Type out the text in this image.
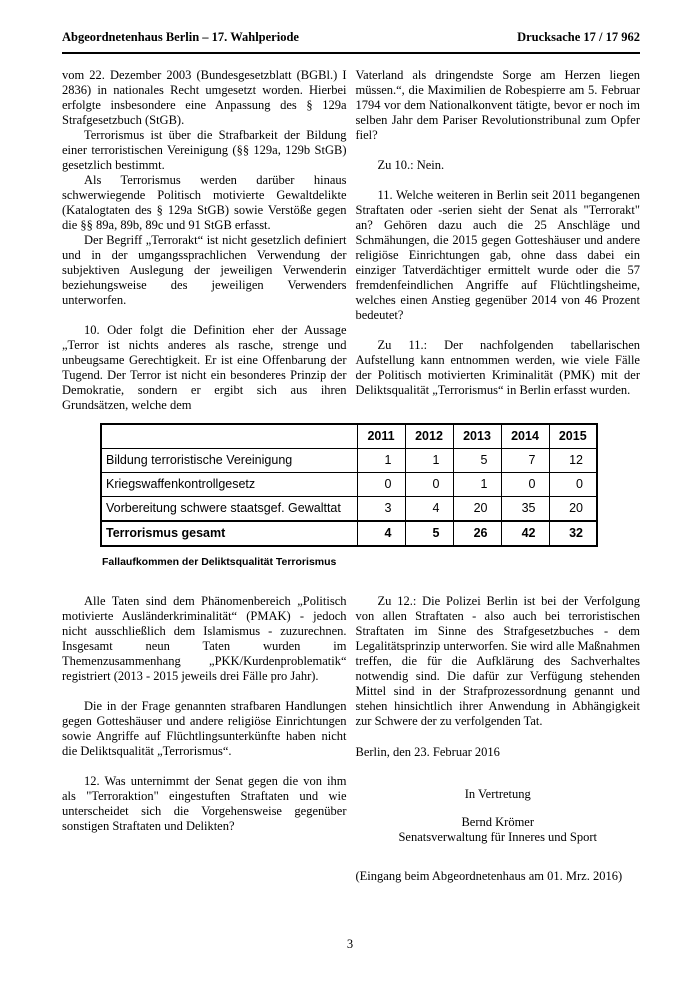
Abgeordnetenhaus Berlin – 17. Wahlperiode	Drucksache 17 / 17 962

vom 22. Dezember 2003 (Bundesgesetzblatt (BGBl.) I 2836) in nationales Recht umgesetzt worden. Hierbei erfolgte insbesondere eine Anpassung des § 129a Strafgesetzbuch (StGB).

Terrorismus ist über die Strafbarkeit der Bildung einer terroristischen Vereinigung (§§ 129a, 129b StGB) gesetzlich bestimmt.

Als Terrorismus werden darüber hinaus schwerwiegende Politisch motivierte Gewaltdelikte (Katalogtaten des § 129a StGB) sowie Verstöße gegen die §§ 89a, 89b, 89c und 91 StGB erfasst.

Der Begriff „Terrorakt“ ist nicht gesetzlich definiert und in der umgangssprachlichen Verwendung der subjektiven Auslegung der jeweiligen Verwenderin beziehungsweise des jeweiligen Verwenders unterworfen.

10. Oder folgt die Definition eher der Aussage „Terror ist nichts anderes als rasche, strenge und unbeugsame Gerechtigkeit. Er ist eine Offenbarung der Tugend. Der Terror ist nicht ein besonderes Prinzip der Demokratie, sondern er ergibt sich aus ihren Grundsätzen, welche dem

Vaterland als dringendste Sorge am Herzen liegen müssen.“, die Maximilien de Robespierre am 5. Februar 1794 vor dem Nationalkonvent tätigte, bevor er noch im selben Jahr dem Pariser Revolutionstribunal zum Opfer fiel?

Zu 10.: Nein.

11. Welche weiteren in Berlin seit 2011 begangenen Straftaten oder -serien sieht der Senat als "Terrorakt" an? Gehören dazu auch die 25 Anschläge und Schmähungen, die 2015 gegen Gotteshäuser und andere religiöse Einrichtungen gab, ohne dass dabei ein einziger Tatverdächtiger ermittelt wurde oder die 57 fremdenfeindlichen Angriffe auf Flüchtlingsheime, welches einen Anstieg gegenüber 2014 von 46 Prozent bedeutet?

Zu 11.: Der nachfolgenden tabellarischen Aufstellung kann entnommen werden, wie viele Fälle der Politisch motivierten Kriminalität (PMK) mit der Deliktsqualität „Terrorismus“ in Berlin erfasst wurden.

	2011	2012	2013	2014	2015
Bildung terroristische Vereinigung	1	1	5	7	12
Kriegswaffenkontrollgesetz	0	0	1	0	0
Vorbereitung schwere staatsgef. Gewalttat	3	4	20	35	20
Terrorismus gesamt	4	5	26	42	32
Fallaufkommen der Deliktsqualität Terrorismus

Alle Taten sind dem Phänomenbereich „Politisch motivierte Ausländerkriminalität“ (PMAK) - jedoch nicht ausschließlich dem Islamismus - zuzurechnen. Insgesamt neun Taten wurden im Themenzusammenhang „PKK/Kurdenproblematik“ registriert (2013 - 2015 jeweils drei Fälle pro Jahr).

Die in der Frage genannten strafbaren Handlungen gegen Gotteshäuser und andere religiöse Einrichtungen sowie Angriffe auf Flüchtlingsunterkünfte haben nicht die Deliktsqualität „Terrorismus“.

12. Was unternimmt der Senat gegen die von ihm als "Terroraktion" eingestuften Straftaten und wie unterscheidet sich die Vorgehensweise gegenüber sonstigen Straftaten und Delikten?

Zu 12.: Die Polizei Berlin ist bei der Verfolgung von allen Straftaten - also auch bei terroristischen Straftaten im Sinne des Strafgesetzbuches - dem Legalitätsprinzip unterworfen. Sie wird alle Maßnahmen treffen, die für die Aufklärung des Sachverhaltes notwendig sind. Die dafür zur Verfügung stehenden Mittel sind in der Strafprozessordnung genannt und stehen hinsichtlich ihrer Anwendung in Abhängigkeit zur Schwere der zu verfolgenden Tat.

Berlin, den 23. Februar 2016

In Vertretung

Bernd Krömer

Senatsverwaltung für Inneres und Sport

(Eingang beim Abgeordnetenhaus am 01. Mrz. 2016)

3
